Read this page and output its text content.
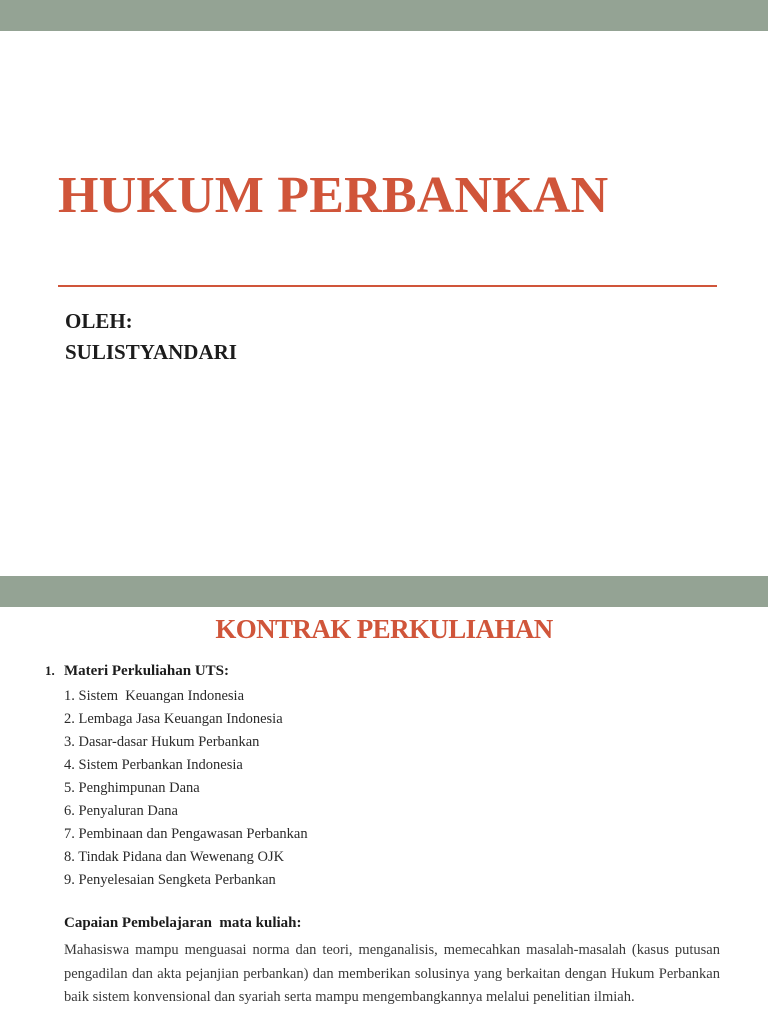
HUKUM PERBANKAN

OLEH:

SULISTYANDARI

KONTRAK PERKULIAHAN

1. Materi Perkuliahan UTS:

1. Sistem  Keuangan Indonesia
2. Lembaga Jasa Keuangan Indonesia
3. Dasar-dasar Hukum Perbankan
4. Sistem Perbankan Indonesia
5. Penghimpunan Dana
6. Penyaluran Dana
7. Pembinaan dan Pengawasan Perbankan
8. Tindak Pidana dan Wewenang OJK
9. Penyelesaian Sengketa Perbankan

Capaian Pembelajaran  mata kuliah:

Mahasiswa mampu menguasai norma dan teori, menganalisis, memecahkan masalah-masalah (kasus putusan pengadilan dan akta pejanjian perbankan) dan memberikan solusinya yang berkaitan dengan Hukum Perbankan baik sistem konvensional dan syariah serta mampu mengembangkannya melalui penelitian ilmiah.
